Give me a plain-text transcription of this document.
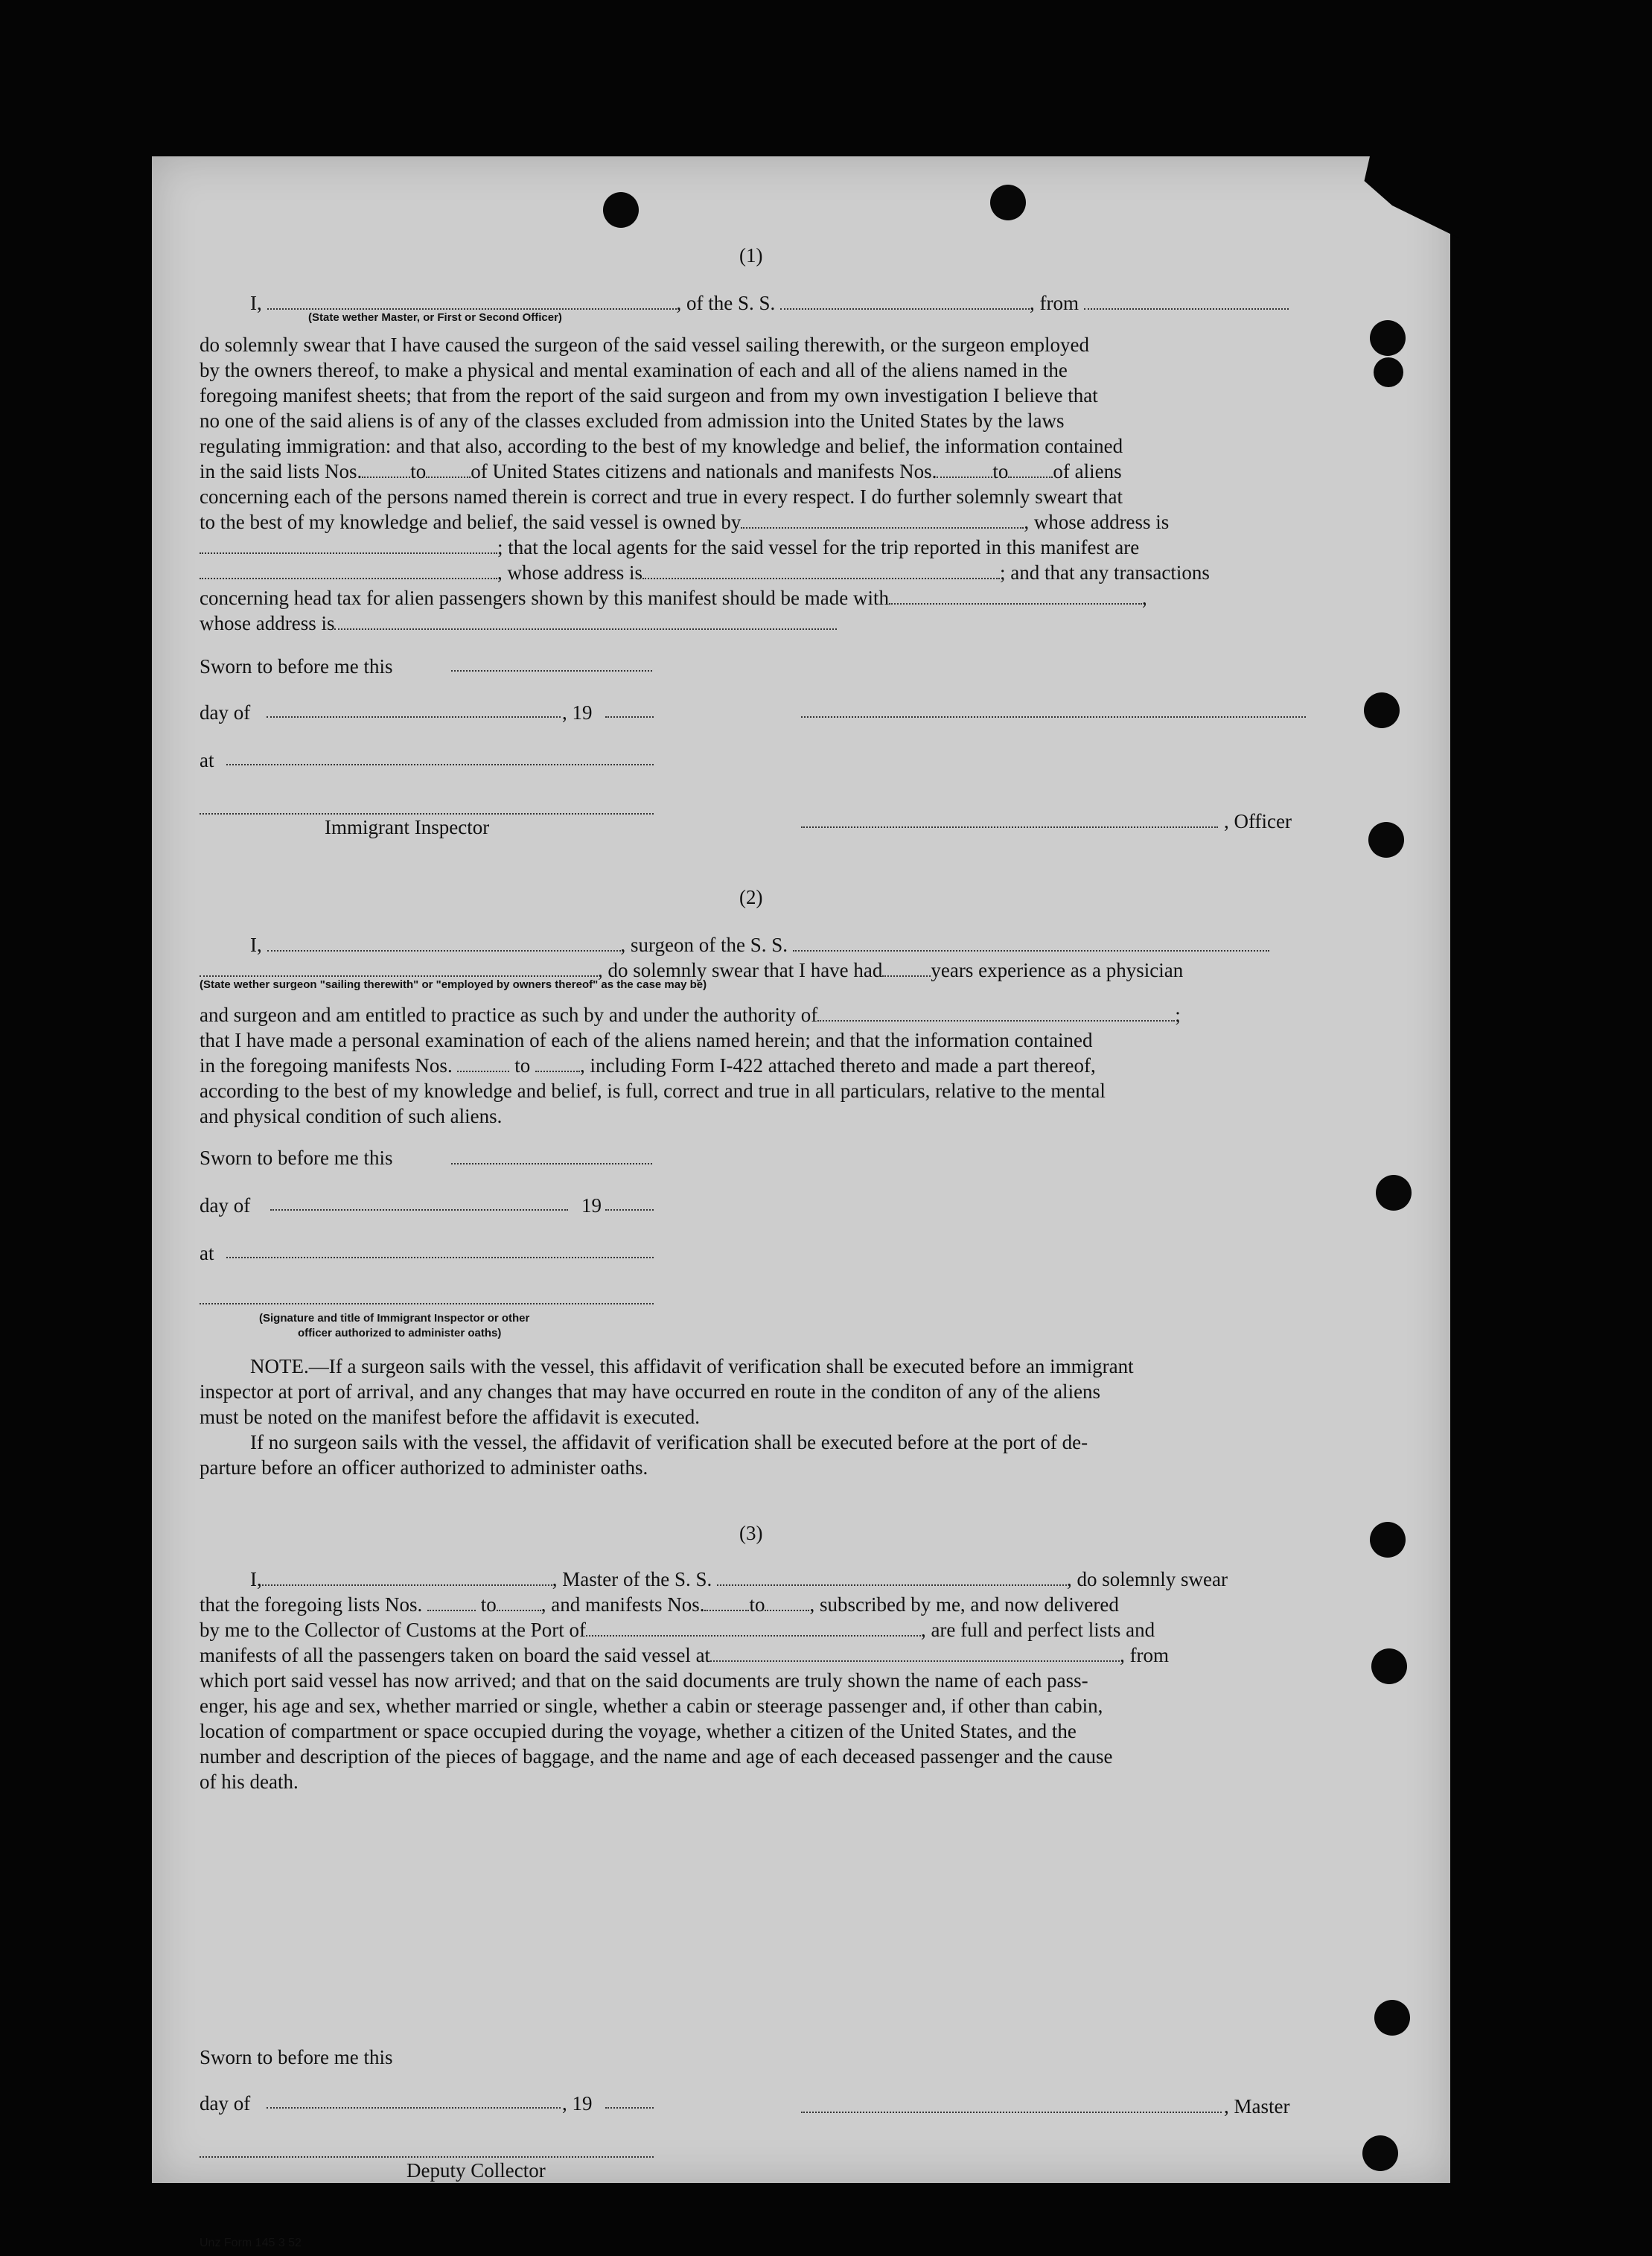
(1)
I,	, of the S. S.	, from
(State wether Master, or First or Second Officer)

do solemnly swear that I have caused the surgeon of the said vessel sailing therewith, or the surgeon employed

by the owners thereof, to make a physical and mental examination of each and all of the aliens named in the

foregoing manifest sheets; that from the report of the said surgeon and from my own investigation I believe that

no one of the said aliens is of any of the classes excluded from admission into the United States by the laws

regulating immigration: and that also, according to the best of my knowledge and belief, the information contained

in the said lists Nos. to of United States citizens and nationals and manifests Nos.	to of aliens
concerning each of the persons named therein is correct and true in every respect. I do further solemnly sweart that
to the best of my knowledge and belief, the said vessel is owned by	, whose address is
; that the local agents for the said vessel for the trip reported in this manifest are
, whose address is	; and that any transactions
concerning head tax for alien passengers shown by this manifest should be made with	,
whose address is
Sworn to before me this
day of	, 19
at
Immigrant Inspector	, Officer
(2)
I,	, surgeon of the S. S.
, do solemnly swear that I have had years experience as a physician
(State wether surgeon "sailing therewith" or "employed by owners thereof" as the case may be)
and surgeon and am entitled to practice as such by and under the authority of	;
that I have made a personal examination of each of the aliens named herein; and that the information contained
in the foregoing manifests Nos.	to , including Form I-422 attached thereto and made a part thereof,
according to the best of my knowledge and belief, is full, correct and true in all particulars, relative to the mental
and physical condition of such aliens.
Sworn to before me this
day of	19
at
(Signature and title of Immigrant Inspector or other
officer authorized to administer oaths)
NOTE.—If a surgeon sails with the vessel, this affidavit of verification shall be executed before an immigrant
inspector at port of arrival, and any changes that may have occurred en route in the conditon of any of the aliens
must be noted on the manifest before the affidavit is executed.
If no surgeon sails with the vessel, the affidavit of verification shall be executed before at the port of de-
parture before an officer authorized to administer oaths.
(3)
I,	, Master of the S. S.	, do solemnly swear
that the foregoing lists Nos.	to , and manifests Nos. to , subscribed by me, and now delivered
by me to the Collector of Customs at the Port of	, are full and perfect lists and
manifests of all the passengers taken on board the said vessel at	, from

which port said vessel has now arrived; and that on the said documents are truly shown the name of each pass-

enger, his age and sex, whether married or single, whether a cabin or steerage passenger and, if other than cabin,

location of compartment or space occupied during the voyage, whether a citizen of the United States, and the

number and description of the pieces of baggage, and the name and age of each deceased passenger and the cause

of his death.

Sworn to before me this
day of	, 19	, Master
Deputy Collector
Unz Form 145 3 52
